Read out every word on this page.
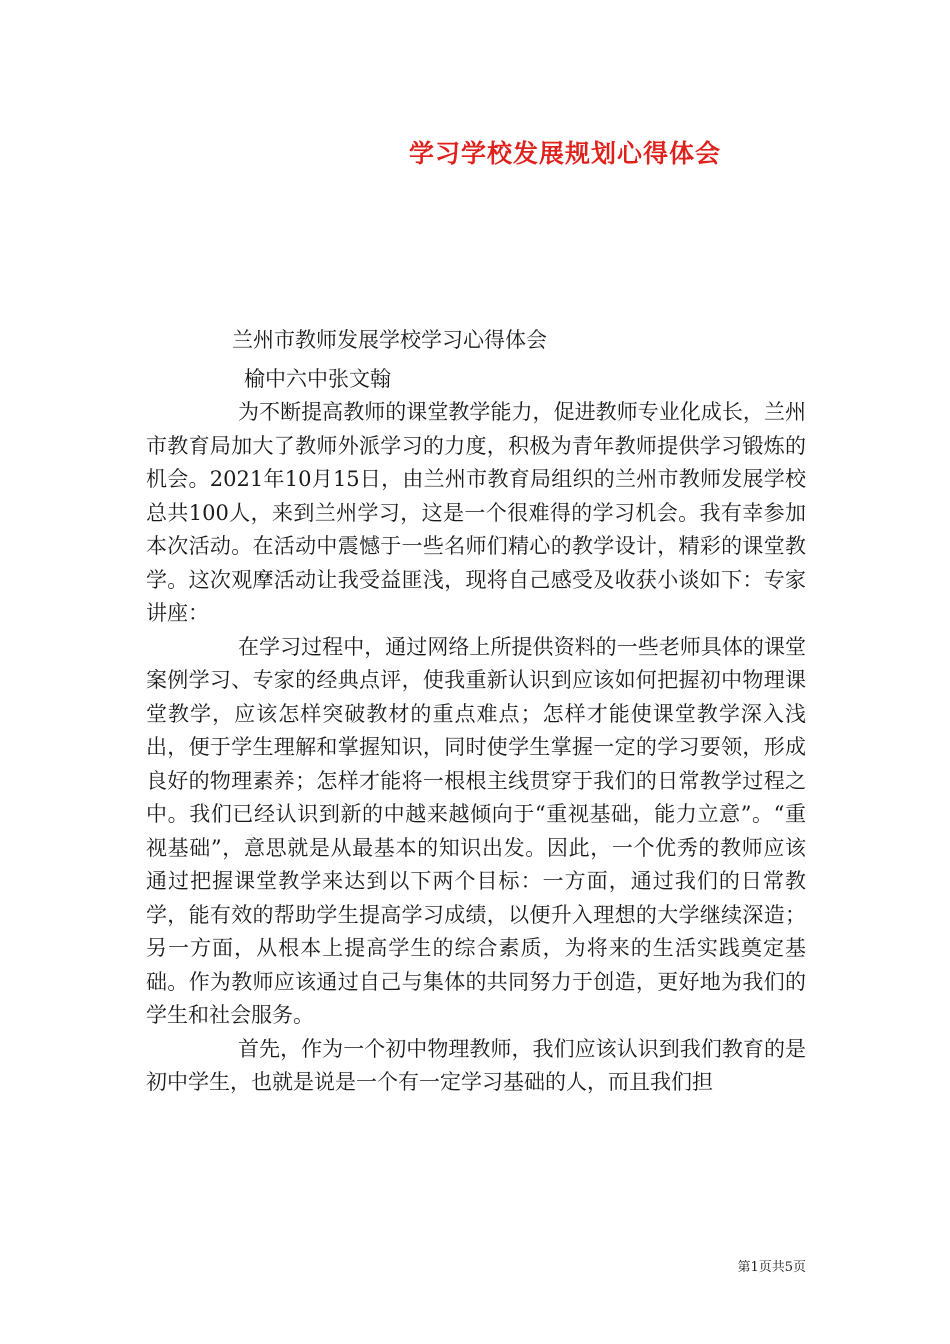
学习学校发展规划心得体会
兰州市教师发展学校学习心得体会
榆中六中张文翰

为不断提高教师的课堂教学能力，促进教师专业化成长，兰州市教育局加大了教师外派学习的力度，积极为青年教师提供学习锻炼的机会。2021年10月15日，由兰州市教育局组织的兰州市教师发展学校总共100人，来到兰州学习，这是一个很难得的学习机会。我有幸参加本次活动。在活动中震憾于一些名师们精心的教学设计，精彩的课堂教学。这次观摩活动让我受益匪浅，现将自己感受及收获小谈如下：专家讲座：

在学习过程中，通过网络上所提供资料的一些老师具体的课堂案例学习、专家的经典点评，使我重新认识到应该如何把握初中物理课堂教学，应该怎样突破教材的重点难点；怎样才能使课堂教学深入浅出，便于学生理解和掌握知识，同时使学生掌握一定的学习要领，形成良好的物理素养；怎样才能将一根根主线贯穿于我们的日常教学过程之中。我们已经认识到新的中越来越倾向于“重视基础，能力立意”。“重视基础”，意思就是从最基本的知识出发。因此，一个优秀的教师应该通过把握课堂教学来达到以下两个目标：一方面，通过我们的日常教学，能有效的帮助学生提高学习成绩，以便升入理想的大学继续深造；另一方面，从根本上提高学生的综合素质，为将来的生活实践奠定基础。作为教师应该通过自己与集体的共同努力于创造，更好地为我们的学生和社会服务。

首先，作为一个初中物理教师，我们应该认识到我们教育的是初中学生，也就是说是一个有一定学习基础的人，而且我们担

第1页共5页
